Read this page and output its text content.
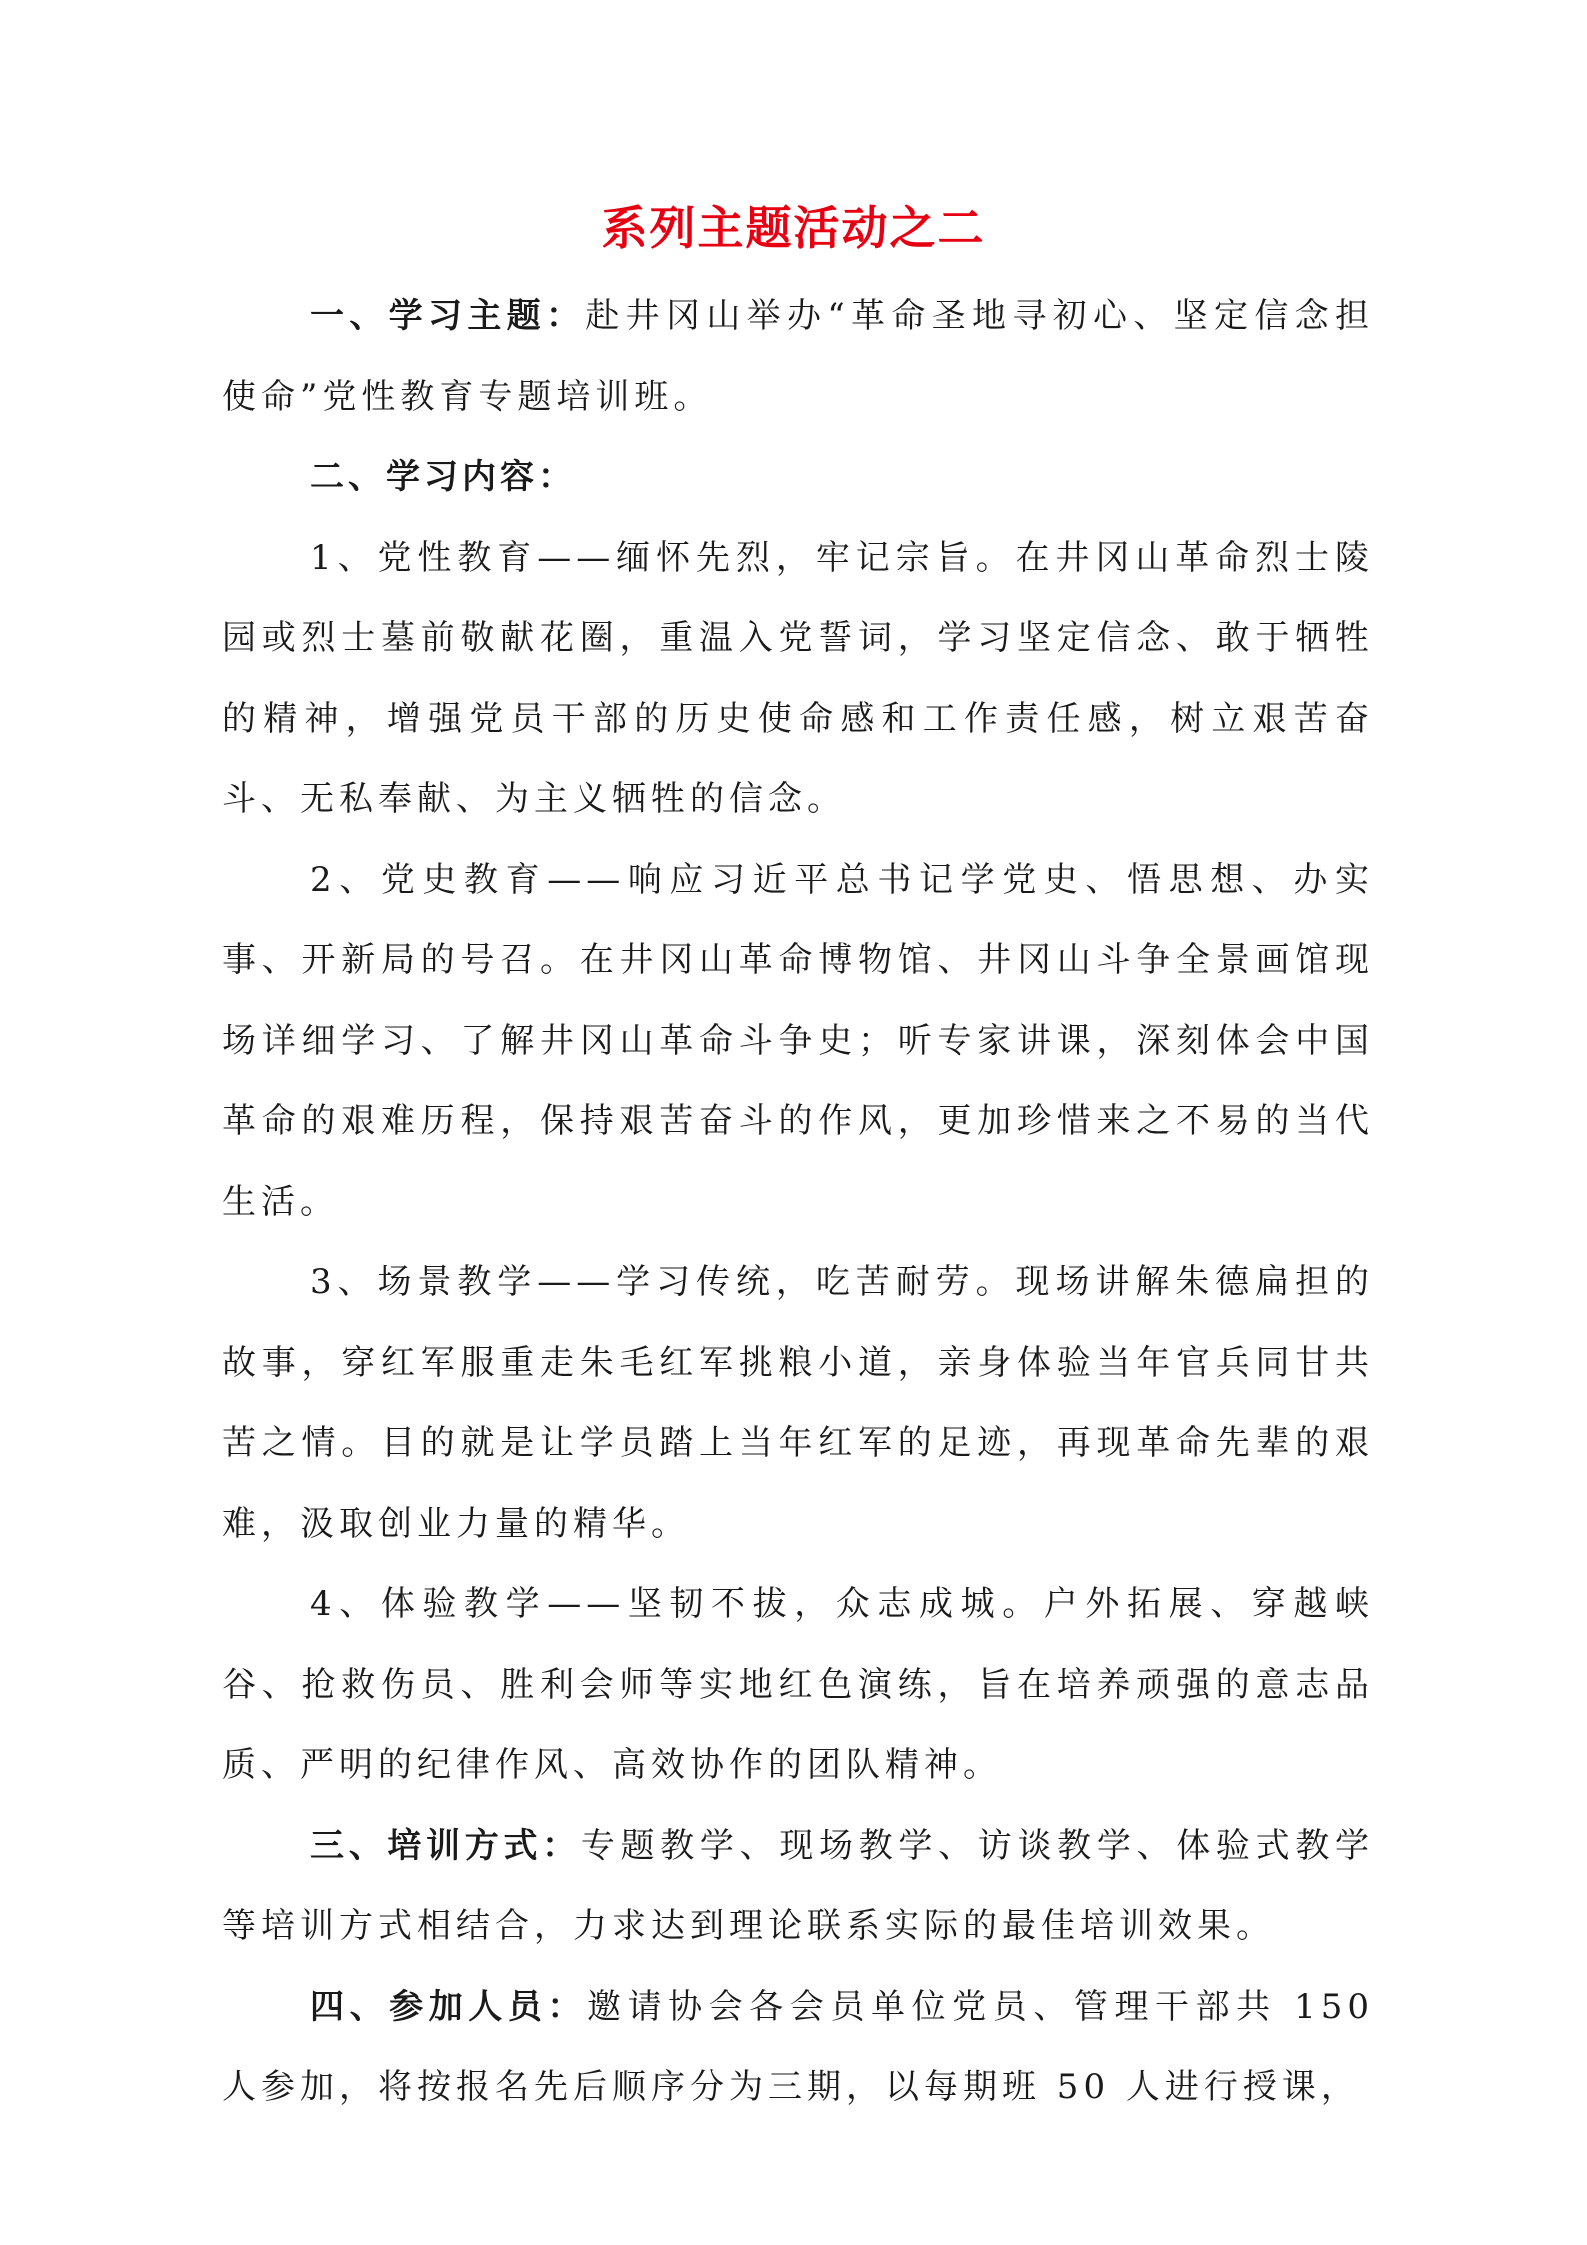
系列主题活动之二

一、学习主题：赴井冈山举办“革命圣地寻初心、坚定信念担使命”党性教育专题培训班。

二、学习内容：

1、党性教育——缅怀先烈，牢记宗旨。在井冈山革命烈士陵园或烈士墓前敬献花圈，重温入党誓词，学习坚定信念、敢于牺牲的精神，增强党员干部的历史使命感和工作责任感，树立艰苦奋斗、无私奉献、为主义牺牲的信念。

2、党史教育——响应习近平总书记学党史、悟思想、办实事、开新局的号召。在井冈山革命博物馆、井冈山斗争全景画馆现场详细学习、了解井冈山革命斗争史；听专家讲课，深刻体会中国革命的艰难历程，保持艰苦奋斗的作风，更加珍惜来之不易的当代生活。

3、场景教学——学习传统，吃苦耐劳。现场讲解朱德扁担的故事，穿红军服重走朱毛红军挑粮小道，亲身体验当年官兵同甘共苦之情。目的就是让学员踏上当年红军的足迹，再现革命先辈的艰难，汲取创业力量的精华。

4、体验教学——坚韧不拔，众志成城。户外拓展、穿越峡谷、抢救伤员、胜利会师等实地红色演练，旨在培养顽强的意志品质、严明的纪律作风、高效协作的团队精神。

三、培训方式：专题教学、现场教学、访谈教学、体验式教学等培训方式相结合，力求达到理论联系实际的最佳培训效果。

四、参加人员：邀请协会各会员单位党员、管理干部共 150 人参加，将按报名先后顺序分为三期，以每期班 50 人进行授课，
